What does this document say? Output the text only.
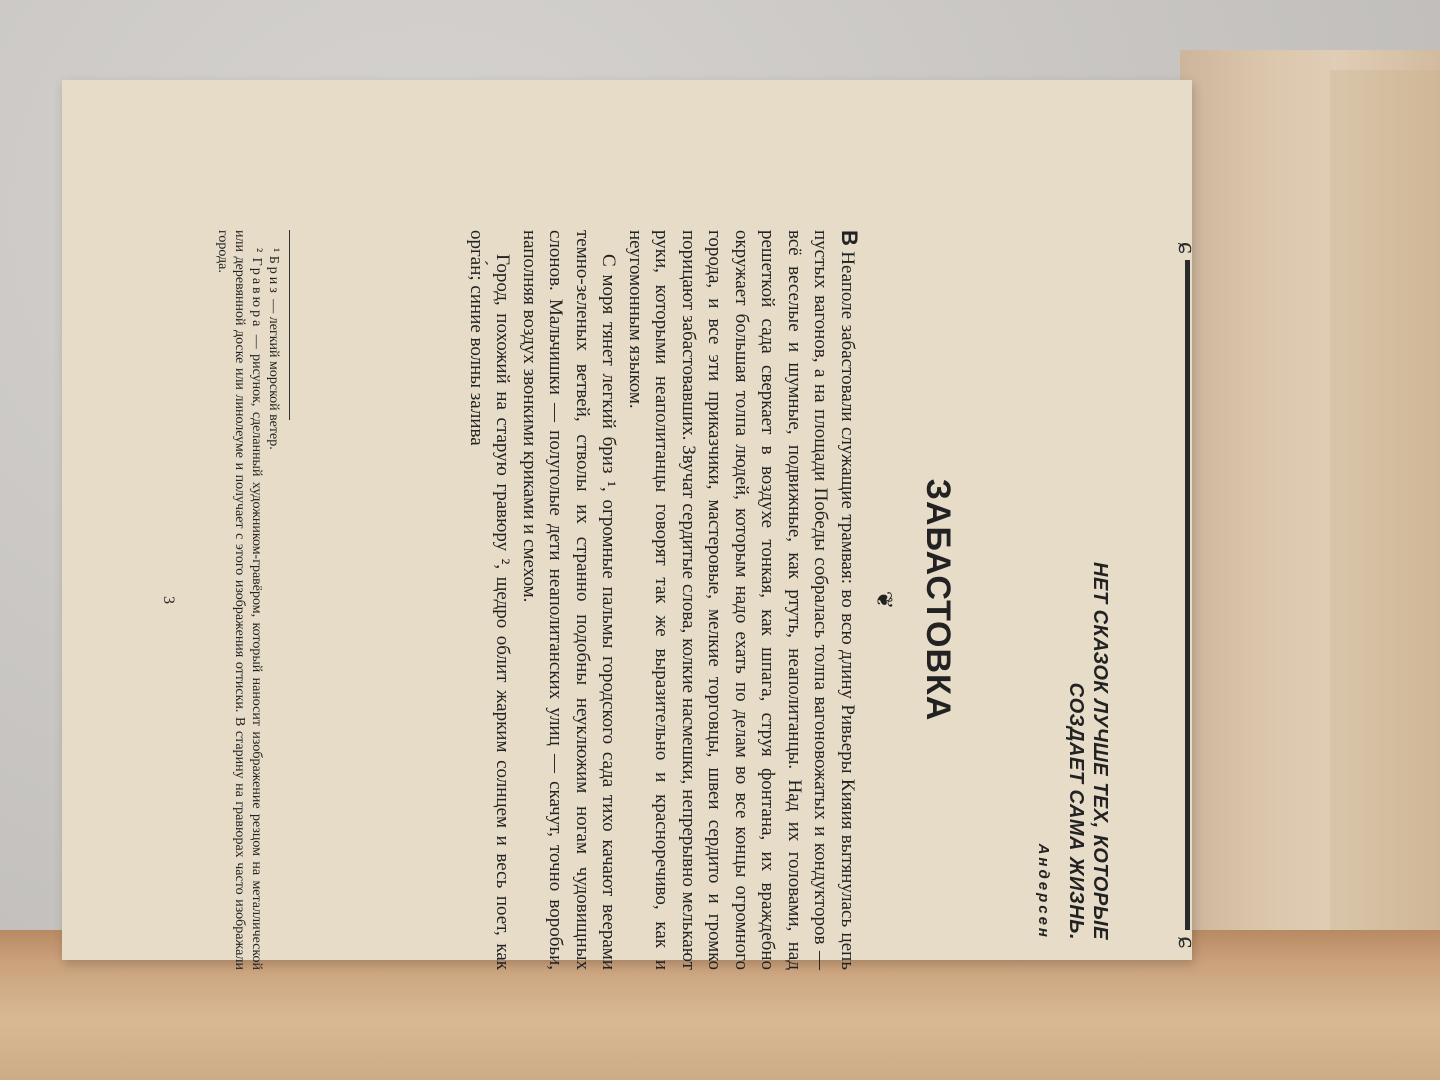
ɕ
ɕ
НЕТ СКАЗОК ЛУЧШЕ ТЕХ, КОТОРЫЕ
СОЗДАЕТ САМА ЖИЗНЬ.
Андерсен
ЗАБАСТОВКА
❦

В Неаполе забастовали служащие трамвая: во всю длину Ривьеры Кияия вытянулась цепь пустых вагонов, а на площади Победы собралась толпа вагоновожатых и кондукторов — всё веселые и шумные, подвижные, как ртуть, неаполитанцы. Над их головами, над решеткой сада сверкает в воздухе тонкая, как шпага, струя фонтана, их враждебно окружает большая толпа людей, которым надо ехать по делам во все концы огромного города, и все эти приказчики, мастеровые, мелкие торговцы, швеи сердито и громко порицают забастовавших. Звучат сердитые слова, колкие насмешки, непрерывно мелькают руки, которыми неаполитанцы говорят так же выразительно и красноречиво, как и неугомонным языком.

С моря тянет легкий бриз ¹, огромные пальмы городского сада тихо качают веерами темно-зеленых ветвей, стволы их странно подобны неуклюжим ногам чудовищных слонов. Мальчишки — полуголые дети неаполитанских улиц — скачут, точно воробьи, наполняя воздух звонкими криками и смехом.

Город, похожий на старую гравюру ², щедро облит жарким солнцем и весь поет, как орга́н; синие волны залива

¹ Бриз — легкий морской ветер.

² Гравюра — рисунок, сделанный художником-гравёром, который наносит изображение резцом на металлической или деревянной доске или линолеуме и получает с этого изображения оттиски. В старину на гравюрах часто изображали города.

3
